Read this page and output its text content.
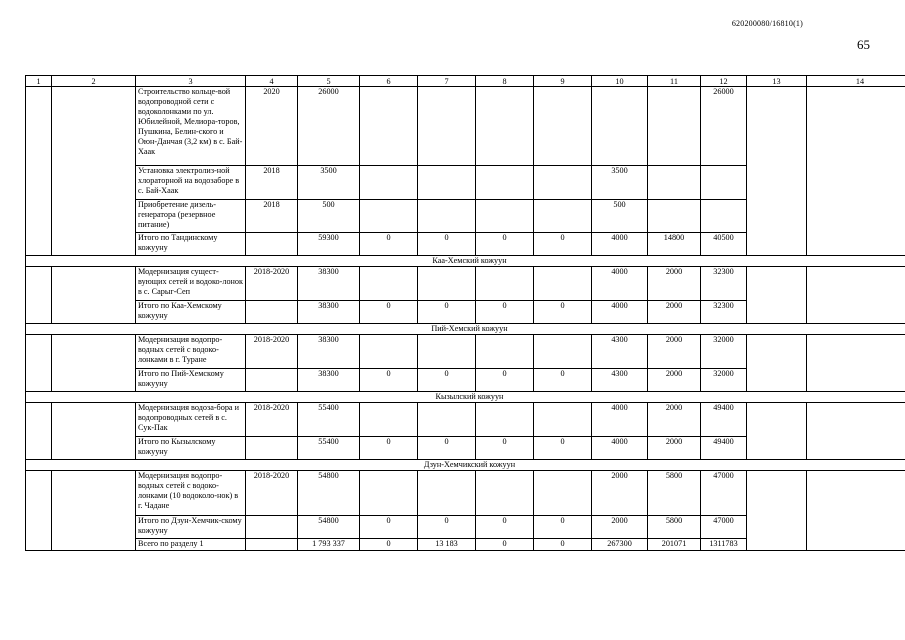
620200080/16810(1)
65
1	2	3	4	5	6	7	8	9	10	11	12	13	14
		Строительство кольце-вой водопроводной сети с водоколонками по ул. Юбилейной, Мелиора-торов, Пушкина, Белин-ского и Оюн-Данчая (3,2 км) в с. Бай-Хаак	2020	26000							26000		
		Установка электролиз-ной хлораторной на водозаборе в с. Бай-Хаак	2018	3500					3500				
		Приобретение дизель-генератора (резервное питание)	2018	500					500				
		Итого по Тандинскому кожууну		59300	0	0	0	0	4000	14800	40500		
Каа-Хемский кожуун													
		Модернизация сущест-вующих сетей и водоко-лонок в с. Сарыг-Сеп	2018-2020	38300					4000	2000	32300		
		Итого по Каа-Хемскому кожууну		38300	0	0	0	0	4000	2000	32300		
Пий-Хемский кожуун													
		Модернизация водопро-водных сетей с водоко-лонками в г. Туране	2018-2020	38300					4300	2000	32000		
		Итого по Пий-Хемскому кожууну		38300	0	0	0	0	4300	2000	32000		
Кызылский кожуун													
		Модернизация водоза-бора и водопроводных сетей в с. Сук-Пак	2018-2020	55400					4000	2000	49400		
		Итого по Кызылскому кожууну		55400	0	0	0	0	4000	2000	49400		
Дзун-Хемчикский кожуун													
		Модернизация водопро-водных сетей с водоко-лонками (10 водоколо-нок) в г. Чадане	2018-2020	54800					2000	5800	47000		
		Итого по Дзун-Хемчик-скому кожууну		54800	0	0	0	0	2000	5800	47000		
		Всего по разделу 1		1 793 337	0	13 183	0	0	267300	201071	1311783		
